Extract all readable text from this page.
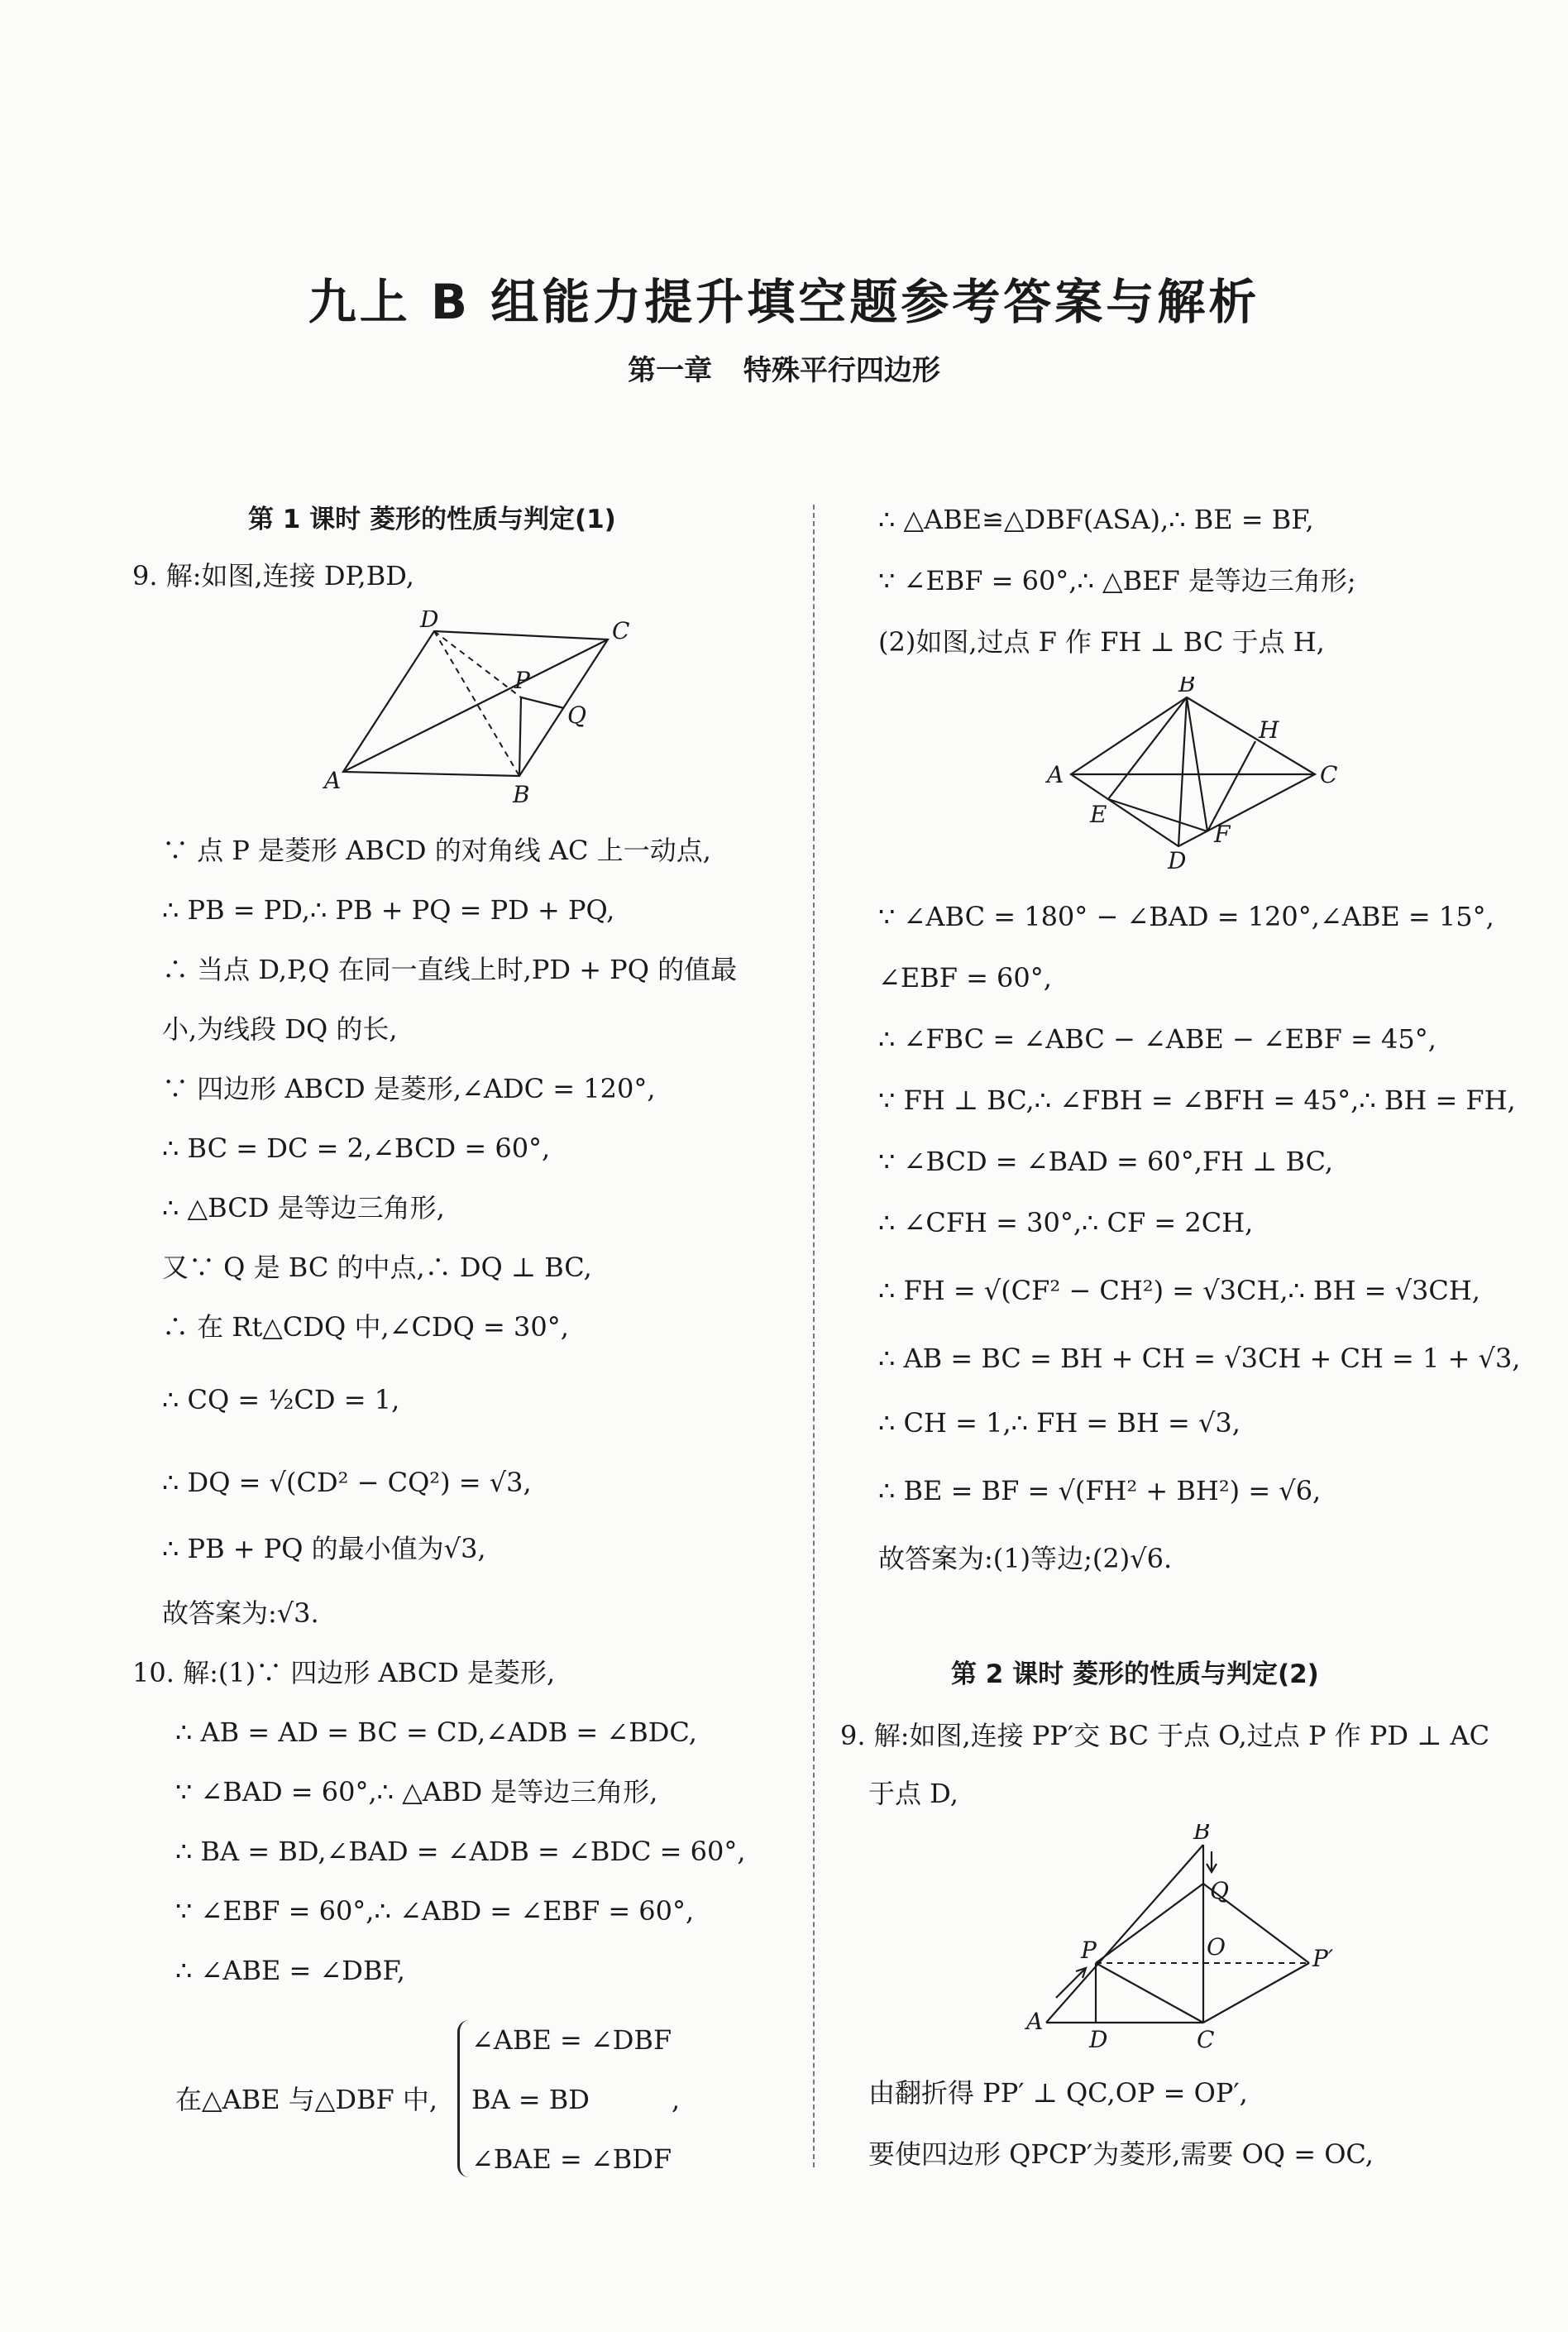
九上 B 组能力提升填空题参考答案与解析
第一章 特殊平行四边形
第 1 课时 菱形的性质与判定(1)
9. 解:如图,连接 DP,BD,
D	C
P
Q
A
B
∵ 点 P 是菱形 ABCD 的对角线 AC 上一动点,
∴ PB = PD,∴ PB + PQ = PD + PQ,
∴ 当点 D,P,Q 在同一直线上时,PD + PQ 的值最
小,为线段 DQ 的长,
∵ 四边形 ABCD 是菱形,∠ADC = 120°,
∴ BC = DC = 2,∠BCD = 60°,
∴ △BCD 是等边三角形,
又∵ Q 是 BC 的中点,∴ DQ ⊥ BC,
∴ 在 Rt△CDQ 中,∠CDQ = 30°,
∴ CQ = ½CD = 1,
∴ DQ = √(CD² − CQ²) = √3,
∴ PB + PQ 的最小值为√3,
故答案为:√3.
10. 解:(1)∵ 四边形 ABCD 是菱形,
∴ AB = AD = BC = CD,∠ADB = ∠BDC,
∵ ∠BAD = 60°,∴ △ABD 是等边三角形,
∴ BA = BD,∠BAD = ∠ADB = ∠BDC = 60°,
∵ ∠EBF = 60°,∴ ∠ABD = ∠EBF = 60°,
∴ ∠ABE = ∠DBF,
在△ABE 与△DBF 中,
∠ABE = ∠DBF
BA = BD
∠BAE = ∠BDF
,
∴ △ABE≌△DBF(ASA),∴ BE = BF,
∵ ∠EBF = 60°,∴ △BEF 是等边三角形;
(2)如图,过点 F 作 FH ⊥ BC 于点 H,
B
H
A	C
E
F
D
∵ ∠ABC = 180° − ∠BAD = 120°,∠ABE = 15°,
∠EBF = 60°,
∴ ∠FBC = ∠ABC − ∠ABE − ∠EBF = 45°,
∵ FH ⊥ BC,∴ ∠FBH = ∠BFH = 45°,∴ BH = FH,
∵ ∠BCD = ∠BAD = 60°,FH ⊥ BC,
∴ ∠CFH = 30°,∴ CF = 2CH,
∴ FH = √(CF² − CH²) = √3CH,∴ BH = √3CH,
∴ AB = BC = BH + CH = √3CH + CH = 1 + √3,
∴ CH = 1,∴ FH = BH = √3,
∴ BE = BF = √(FH² + BH²) = √6,
故答案为:(1)等边;(2)√6.
第 2 课时 菱形的性质与判定(2)
9. 解:如图,连接 PP′交 BC 于点 O,过点 P 作 PD ⊥ AC
于点 D,
B
Q
O
P	P′
A
D	C
由翻折得 PP′ ⊥ QC,OP = OP′,
要使四边形 QPCP′为菱形,需要 OQ = OC,
